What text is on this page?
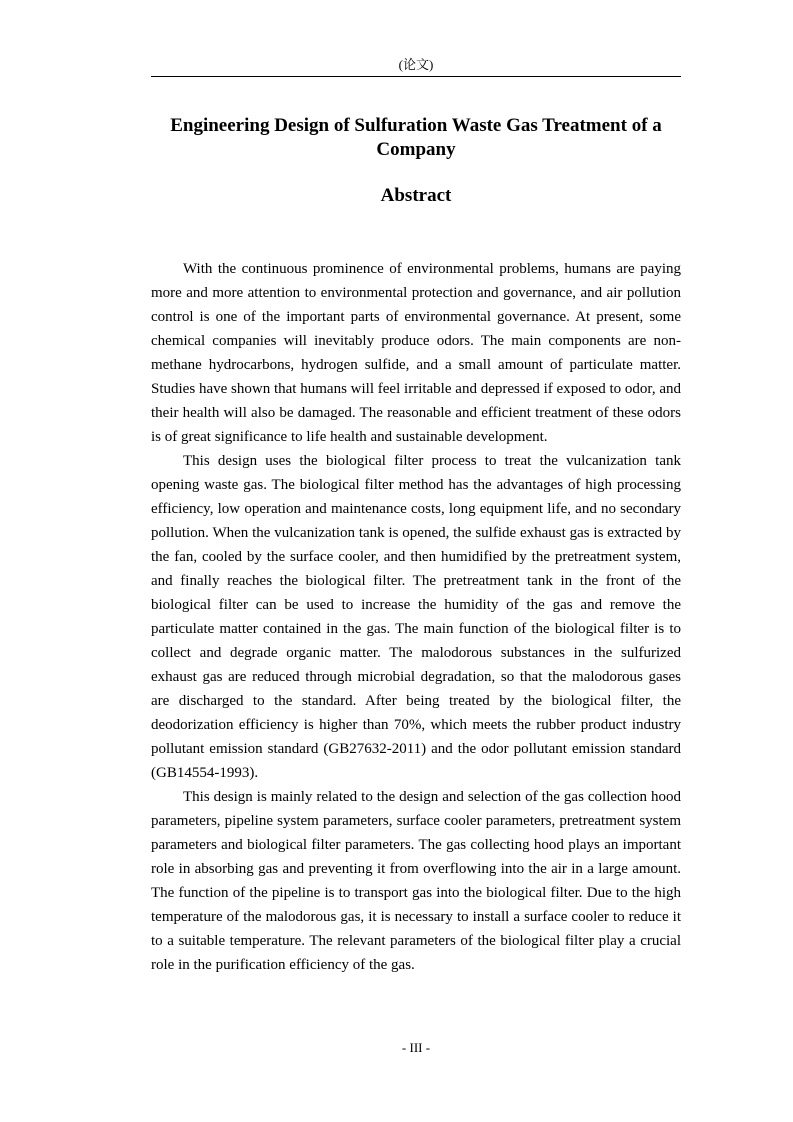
(论文)
Engineering Design of Sulfuration Waste Gas Treatment of a Company
Abstract

With the continuous prominence of environmental problems, humans are paying more and more attention to environmental protection and governance, and air pollution control is one of the important parts of environmental governance. At present, some chemical companies will inevitably produce odors. The main components are non-methane hydrocarbons, hydrogen sulfide, and a small amount of particulate matter. Studies have shown that humans will feel irritable and depressed if exposed to odor, and their health will also be damaged. The reasonable and efficient treatment of these odors is of great significance to life health and sustainable development.

This design uses the biological filter process to treat the vulcanization tank opening waste gas. The biological filter method has the advantages of high processing efficiency, low operation and maintenance costs, long equipment life, and no secondary pollution. When the vulcanization tank is opened, the sulfide exhaust gas is extracted by the fan, cooled by the surface cooler, and then humidified by the pretreatment system, and finally reaches the biological filter. The pretreatment tank in the front of the biological filter can be used to increase the humidity of the gas and remove the particulate matter contained in the gas. The main function of the biological filter is to collect and degrade organic matter. The malodorous substances in the sulfurized exhaust gas are reduced through microbial degradation, so that the malodorous gases are discharged to the standard. After being treated by the biological filter, the deodorization efficiency is higher than 70%, which meets the rubber product industry pollutant emission standard (GB27632-2011) and the odor pollutant emission standard (GB14554-1993).

This design is mainly related to the design and selection of the gas collection hood parameters, pipeline system parameters, surface cooler parameters, pretreatment system parameters and biological filter parameters. The gas collecting hood plays an important role in absorbing gas and preventing it from overflowing into the air in a large amount. The function of the pipeline is to transport gas into the biological filter. Due to the high temperature of the malodorous gas, it is necessary to install a surface cooler to reduce it to a suitable temperature. The relevant parameters of the biological filter play a crucial role in the purification efficiency of the gas.

- III -
